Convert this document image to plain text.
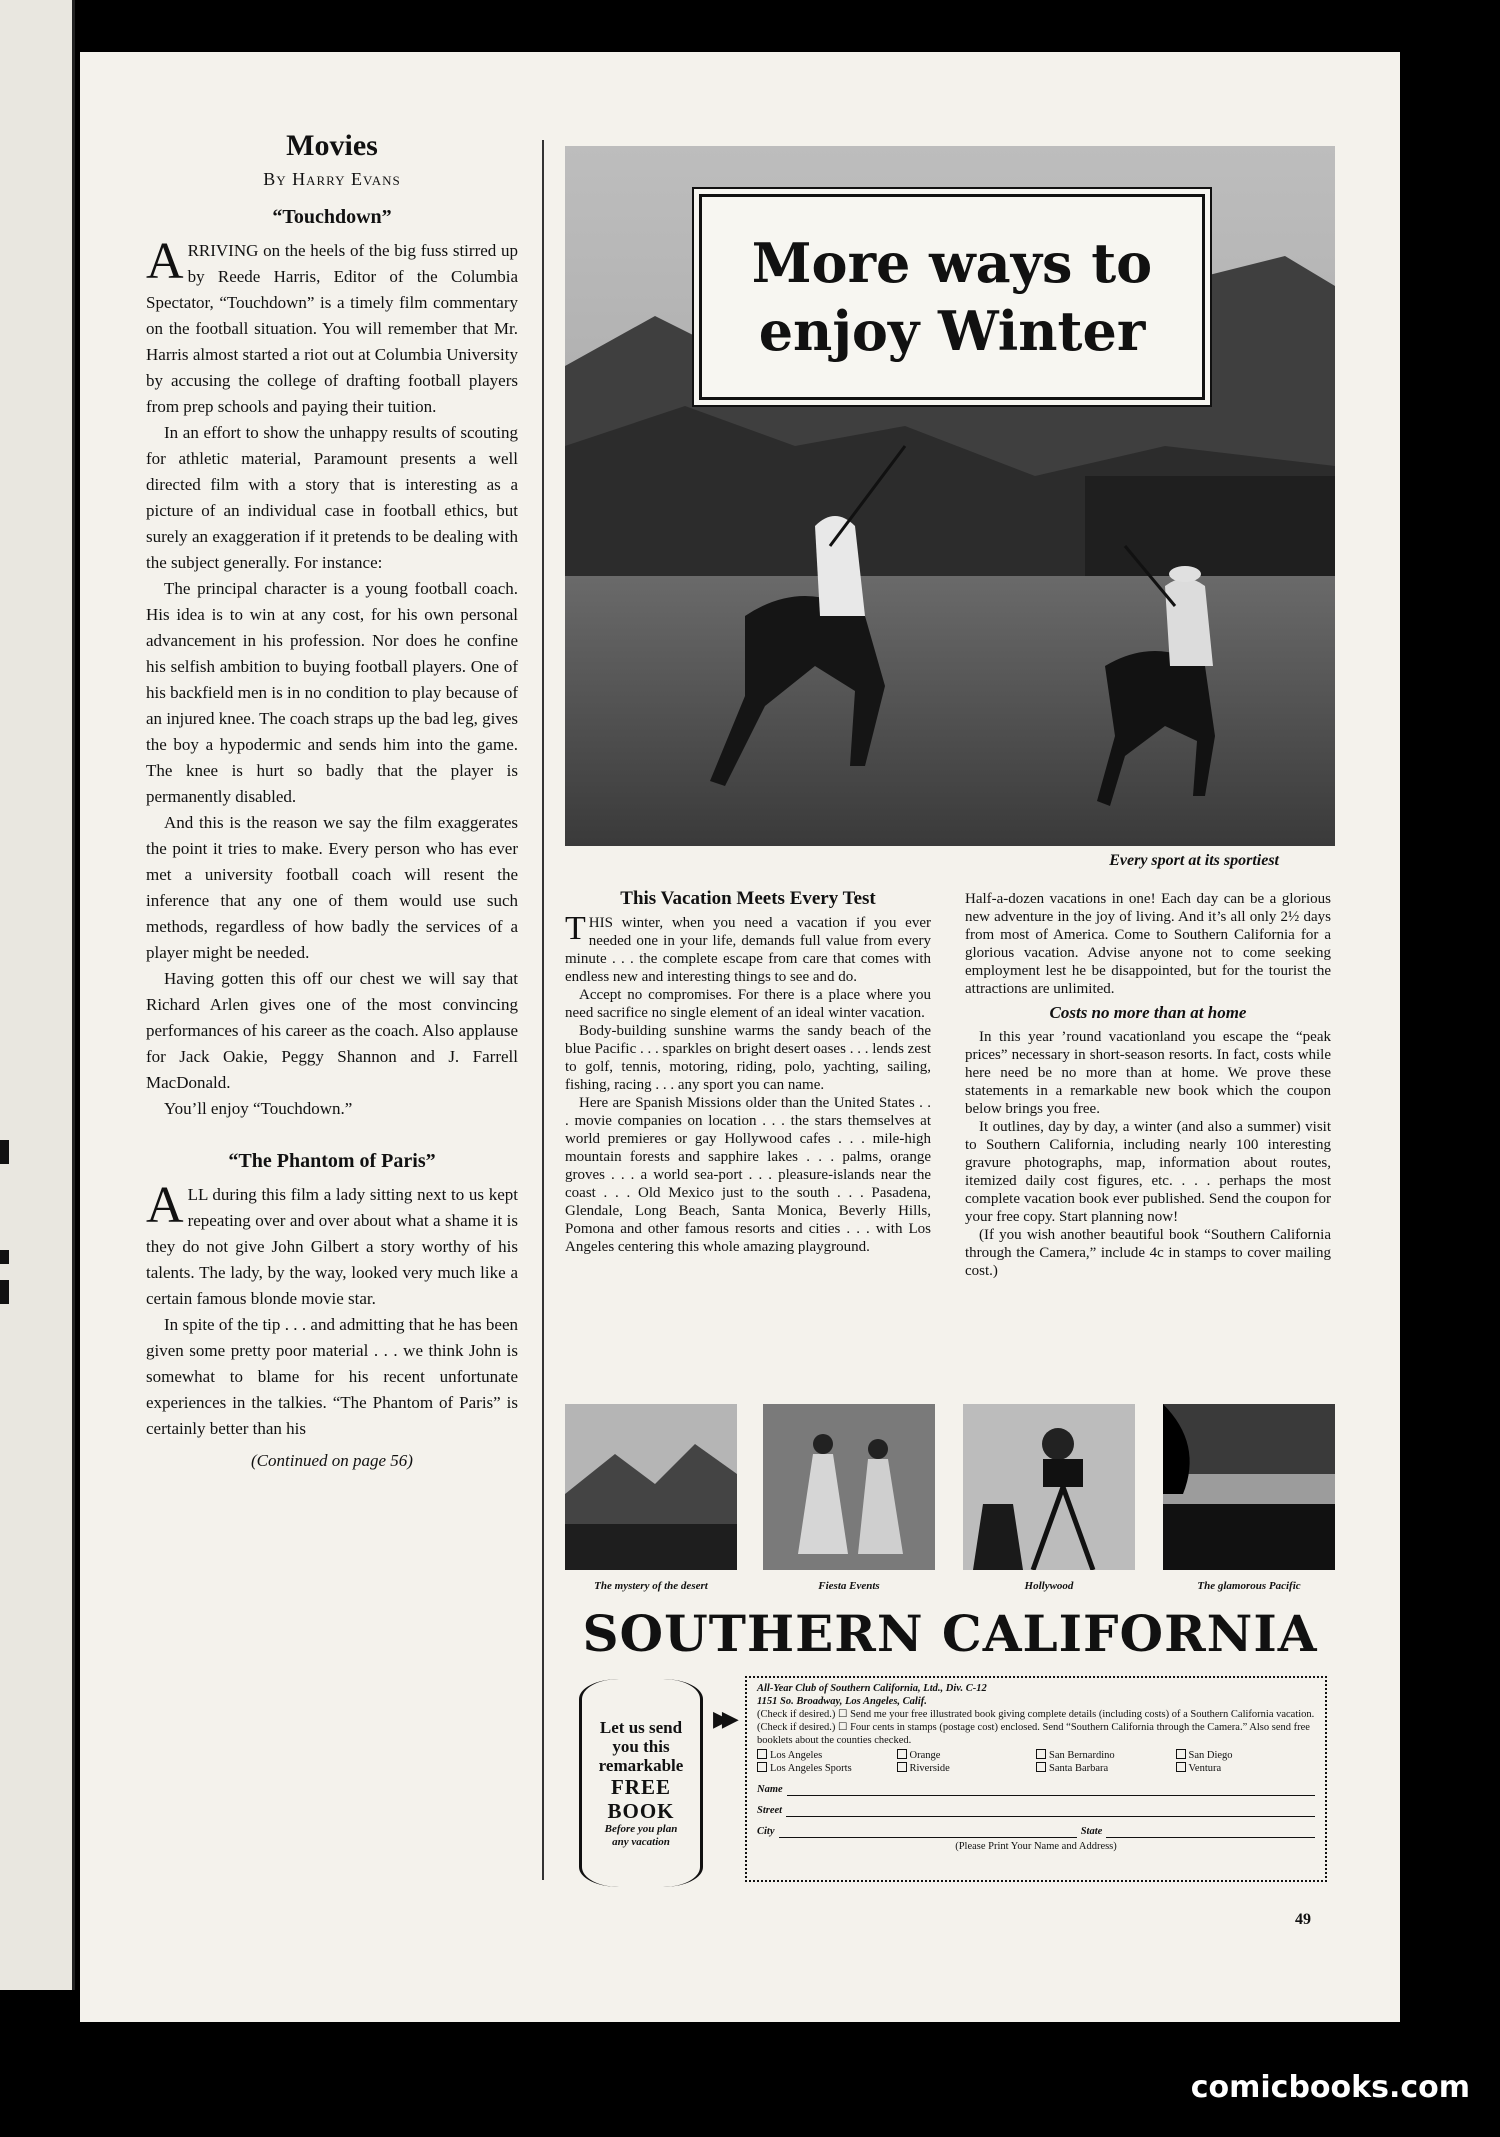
Movies
By Harry Evans
“Touchdown”

ARRIVING on the heels of the big fuss stirred up by Reede Harris, Editor of the Columbia Spectator, “Touchdown” is a timely film commentary on the football situation. You will remember that Mr. Harris almost started a riot out at Columbia University by accusing the college of drafting football players from prep schools and paying their tuition.

In an effort to show the unhappy results of scouting for athletic material, Paramount presents a well directed film with a story that is interesting as a picture of an individual case in football ethics, but surely an exaggeration if it pretends to be dealing with the subject generally. For instance:

The principal character is a young football coach. His idea is to win at any cost, for his own personal advancement in his profession. Nor does he confine his selfish ambition to buying football players. One of his backfield men is in no condition to play because of an injured knee. The coach straps up the bad leg, gives the boy a hypodermic and sends him into the game. The knee is hurt so badly that the player is permanently disabled.

And this is the reason we say the film exaggerates the point it tries to make. Every person who has ever met a university football coach will resent the inference that any one of them would use such methods, regardless of how badly the services of a player might be needed.

Having gotten this off our chest we will say that Richard Arlen gives one of the most convincing performances of his career as the coach. Also applause for Jack Oakie, Peggy Shannon and J. Farrell MacDonald.

You’ll enjoy “Touchdown.”

“The Phantom of Paris”

ALL during this film a lady sitting next to us kept repeating over and over about what a shame it is they do not give John Gilbert a story worthy of his talents. The lady, by the way, looked very much like a certain famous blonde movie star.

In spite of the tip . . . and admitting that he has been given some pretty poor material . . . we think John is somewhat to blame for his recent unfortunate experiences in the talkies. “The Phantom of Paris” is certainly better than his

(Continued on page 56)
More ways to
enjoy Winter
Every sport at its sportiest
This Vacation Meets Every Test

THIS winter, when you need a vacation if you ever needed one in your life, demands full value from every minute . . . the complete escape from care that comes with endless new and interesting things to see and do.

Accept no compromises. For there is a place where you need sacrifice no single element of an ideal winter vacation.

Body-building sunshine warms the sandy beach of the blue Pacific . . . sparkles on bright desert oases . . . lends zest to golf, tennis, motoring, riding, polo, yachting, sailing, fishing, racing . . . any sport you can name.

Here are Spanish Missions older than the United States . . . movie companies on location . . . the stars themselves at world premieres or gay Hollywood cafes . . . mile-high mountain forests and sapphire lakes . . . palms, orange groves . . . a world sea-port . . . pleasure-islands near the coast . . . Old Mexico just to the south . . . Pasadena, Glendale, Long Beach, Santa Monica, Beverly Hills, Pomona and other famous resorts and cities . . . with Los Angeles centering this whole amazing playground.

Half-a-dozen vacations in one! Each day can be a glorious new adventure in the joy of living. And it’s all only 2½ days from most of America. Come to Southern California for a glorious vacation. Advise anyone not to come seeking employment lest he be disappointed, but for the tourist the attractions are unlimited.

Costs no more than at home

In this year ’round vacationland you escape the “peak prices” necessary in short-season resorts. In fact, costs while here need be no more than at home. We prove these statements in a remarkable new book which the coupon below brings you free.

It outlines, day by day, a winter (and also a summer) visit to Southern California, including nearly 100 interesting gravure photographs, map, information about routes, itemized daily cost figures, etc. . . . perhaps the most complete vacation book ever published. Send the coupon for your free copy. Start planning now!

(If you wish another beautiful book “Southern California through the Camera,” include 4c in stamps to cover mailing cost.)

The mystery of the desert	Fiesta Events	Hollywood	The glamorous Pacific
SOUTHERN CALIFORNIA
Let us send
you this
remarkable
FREE
BOOK
Before you plan
any vacation
▶▶
All-Year Club of Southern California, Ltd., Div. C-12
1151 So. Broadway, Los Angeles, Calif.
(Check if desired.) ☐ Send me your free illustrated book giving complete details (including costs) of a Southern California vacation.
(Check if desired.) ☐ Four cents in stamps (postage cost) enclosed. Send “Southern California through the Camera.” Also send free booklets about the counties checked.
Los Angeles	Orange	San Bernardino	San Diego
Los Angeles Sports	Riverside	Santa Barbara	Ventura
Name
Street
City	State
(Please Print Your Name and Address)
49
comicbooks.com
